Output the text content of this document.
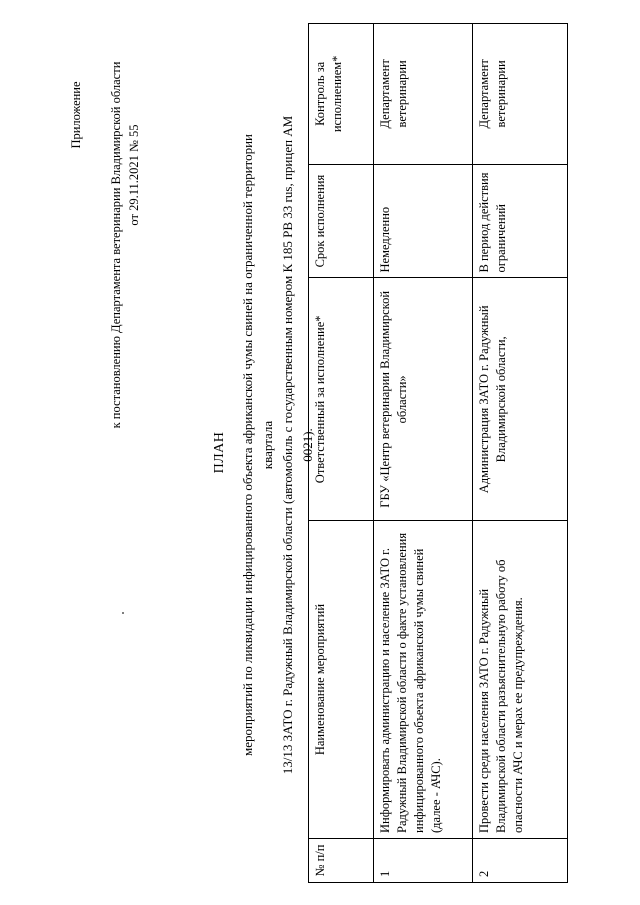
Приложение к постановлению Департамента ветеринарии Владимирской области от 29.11.2021 № 55
ПЛАН мероприятий по ликвидации инфицированного объекта африканской чумы свиней на ограниченной территории квартала 13/13 ЗАТО г. Радужный Владимирской области (автомобиль с государственным номером К 185 РВ 33 rus, прицеп АМ 0021).
№ п/п	Наименование мероприятий	Ответственный за исполнение*	Срок исполнения	Контроль за исполнением*
1	Информировать администрацию и население ЗАТО г. Радужный Владимирской области о факте установления инфицированного объекта африканской чумы свиней (далее - АЧС).	ГБУ «Центр ветеринарии Владимирской области»	Немедленно	Департамент ветеринарии
2	Провести среди населения ЗАТО г. Радужный Владимирской области разъяснительную работу об опасности АЧС и мерах ее предупреждения.	Администрация ЗАТО г. Радужный Владимирской области,	В период действия ограничений	Департамент ветеринарии
